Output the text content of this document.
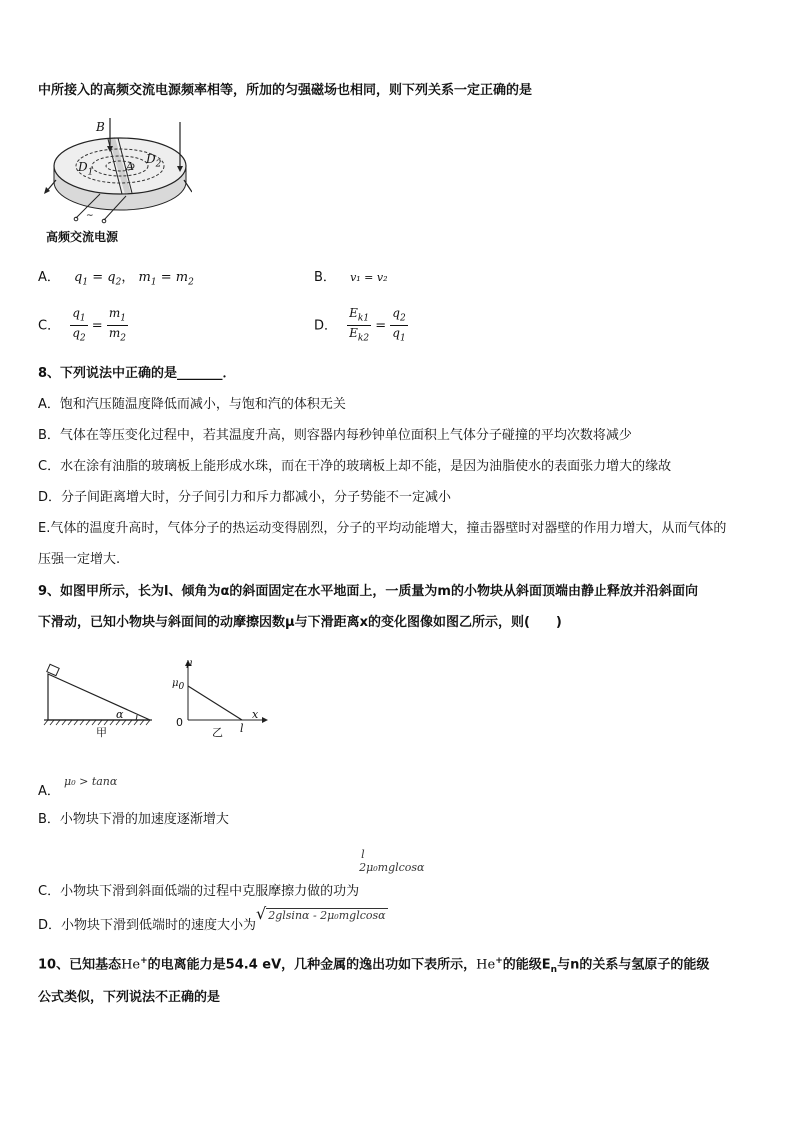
中所接入的高频交流电源频率相等，所加的匀强磁场也相同，则下列关系一定正确的是
~
B
$D_1$
$D_2$
A
高频交流电源
A． $q_1 = q_2$， $m_1 = m_2$	B． v₁ = v₂
C． $\frac{q_1}{q_2} = \frac{m_1}{m_2}$	D． $\frac{E_{k1}}{E_{k2}} = \frac{q_2}{q_1}$
8、下列说法中正确的是_______．
A．饱和汽压随温度降低而减小，与饱和汽的体积无关
B．气体在等压变化过程中，若其温度升高，则容器内每秒钟单位面积上气体分子碰撞的平均次数将减少
C．水在涂有油脂的玻璃板上能形成水珠，而在干净的玻璃板上却不能，是因为油脂使水的表面张力增大的缘故
D．分子间距离增大时，分子间引力和斥力都减小，分子势能不一定减小
E.气体的温度升高时，气体分子的热运动变得剧烈，分子的平均动能增大，撞击器壁时对器壁的作用力增大，从而气体的
压强一定增大.
9、如图甲所示，长为l、倾角为α的斜面固定在水平地面上，一质量为m的小物块从斜面顶端由静止释放并沿斜面向
下滑动，已知小物块与斜面间的动摩擦因数μ与下滑距离x的变化图像如图乙所示，则(　　)
α
甲
μ
$\mu_0$
0
x
l
乙
A． $^{\mu_0 > tan\alpha}$
B．小物块下滑的加速度逐渐增大
C．小物块下滑到斜面低端的过程中克服摩擦力做的功为
l
2μ₀mglcosα
D．小物块下滑到低端时的速度大小为√ 2glsinα - 2μ₀mglcosα
10、已知基态He+的电离能力是54.4 eV，几种金属的逸出功如下表所示，He+的能级$E_n$与n的关系与氢原子的能级
公式类似，下列说法不正确的是
